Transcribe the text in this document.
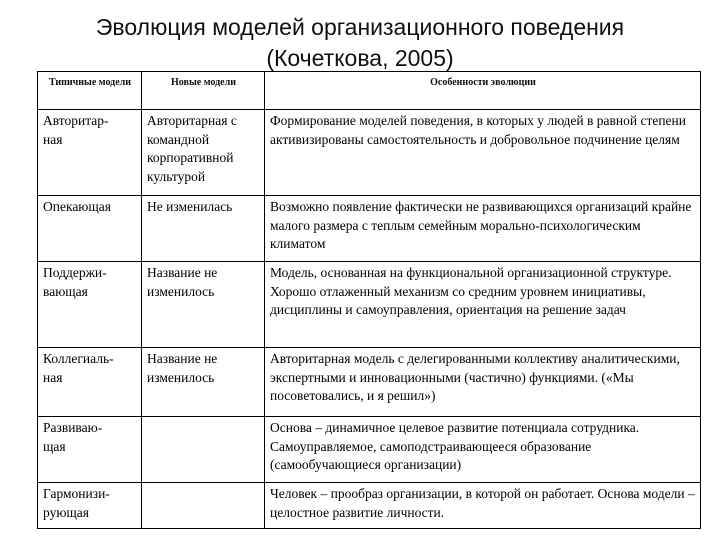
Эволюция моделей организационного поведения
(Кочеткова, 2005)
Типичные модели	Новые модели	Особенности эволюции
Авторитар-
ная	Авторитарная с командной корпоративной культурой	Формирование моделей поведения, в которых у людей в равной степени активизированы самостоятельность и добровольное подчинение целям
Опекающая	Не изменилась	Возможно появление фактически не развивающихся организаций крайне малого размера с теплым семейным морально-психологическим климатом
Поддержи-
вающая	Название не изменилось	Модель, основанная на функциональной организационной структуре. Хорошо отлаженный механизм со средним уровнем инициативы, дисциплины и самоуправления, ориентация на решение задач
Коллегиаль-
ная	Название не изменилось	Авторитарная модель с делегированными коллективу аналитическими, экспертными и инновационными (частично) функциями. («Мы посоветовались, и я решил»)
Развиваю-
щая		Основа – динамичное целевое развитие потенциала сотрудника. Самоуправляемое, самоподстраивающееся образование (самообучающиеся организации)
Гармонизи-
рующая		Человек – прообраз организации, в которой он работает. Основа модели – целостное развитие личности.
